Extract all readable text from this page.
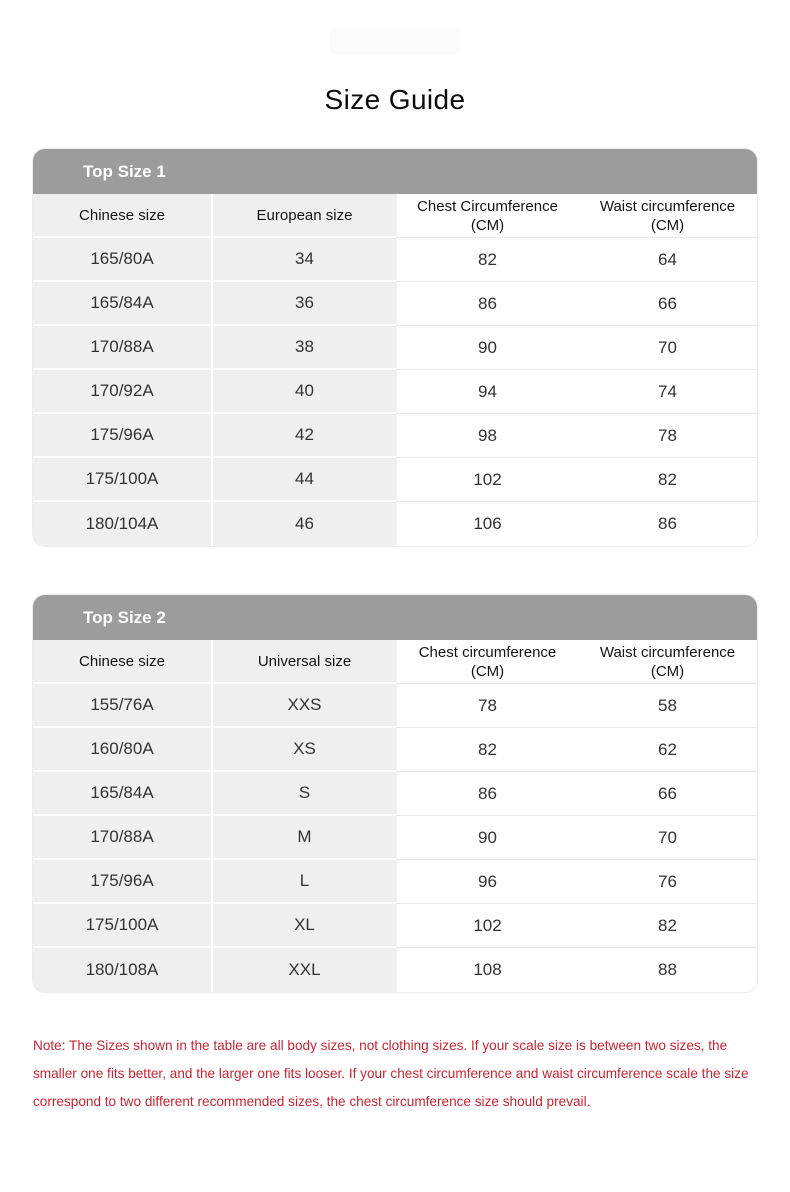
Size Guide
Top Size 1
Chinese size	European size	Chest Circumference (CM)	Waist circumference (CM)
165/80A	34	82	64
165/84A	36	86	66
170/88A	38	90	70
170/92A	40	94	74
175/96A	42	98	78
175/100A	44	102	82
180/104A	46	106	86
Top Size 2
Chinese size	Universal size	Chest circumference (CM)	Waist circumference (CM)
155/76A	XXS	78	58
160/80A	XS	82	62
165/84A	S	86	66
170/88A	M	90	70
175/96A	L	96	76
175/100A	XL	102	82
180/108A	XXL	108	88

Note: The Sizes shown in the table are all body sizes, not clothing sizes. If your scale size is between two sizes, the smaller one fits better, and the larger one fits looser. If your chest circumference and waist circumference scale the size correspond to two different recommended sizes, the chest circumference size should prevail.
